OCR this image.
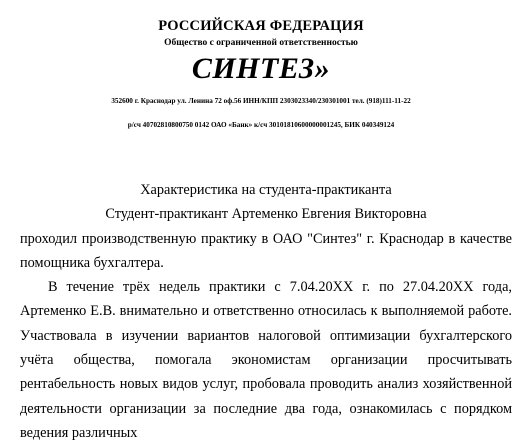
РОССИЙСКАЯ ФЕДЕРАЦИЯ
Общество с ограниченной ответственностью
СИНТЕЗ»
352600 г. Краснодар ул. Ленина 72 оф.56 ИНН/КПП 2303023340/230301001 тел. (918)111-11-22
р/сч 40702810800750 0142 ОАО «Банк» к/сч 30101810600000001245, БИК 040349124
Характеристика на студента-практиканта
Студент-практикант Артеменко Евгения Викторовна

проходил производственную практику в ОАО "Синтез" г. Краснодар в качестве помощника бухгалтера.

В течение трёх недель практики с 7.04.20ХХ г. по 27.04.20ХХ года, Артеменко Е.В. внимательно и ответственно относилась к выполняемой работе. Участвовала в изучении вариантов налоговой оптимизации бухгалтерского учёта общества, помогала экономистам организации просчитывать рентабельность новых видов услуг, пробовала проводить анализ хозяйственной деятельности организации за последние два года, ознакомилась с порядком ведения различных
